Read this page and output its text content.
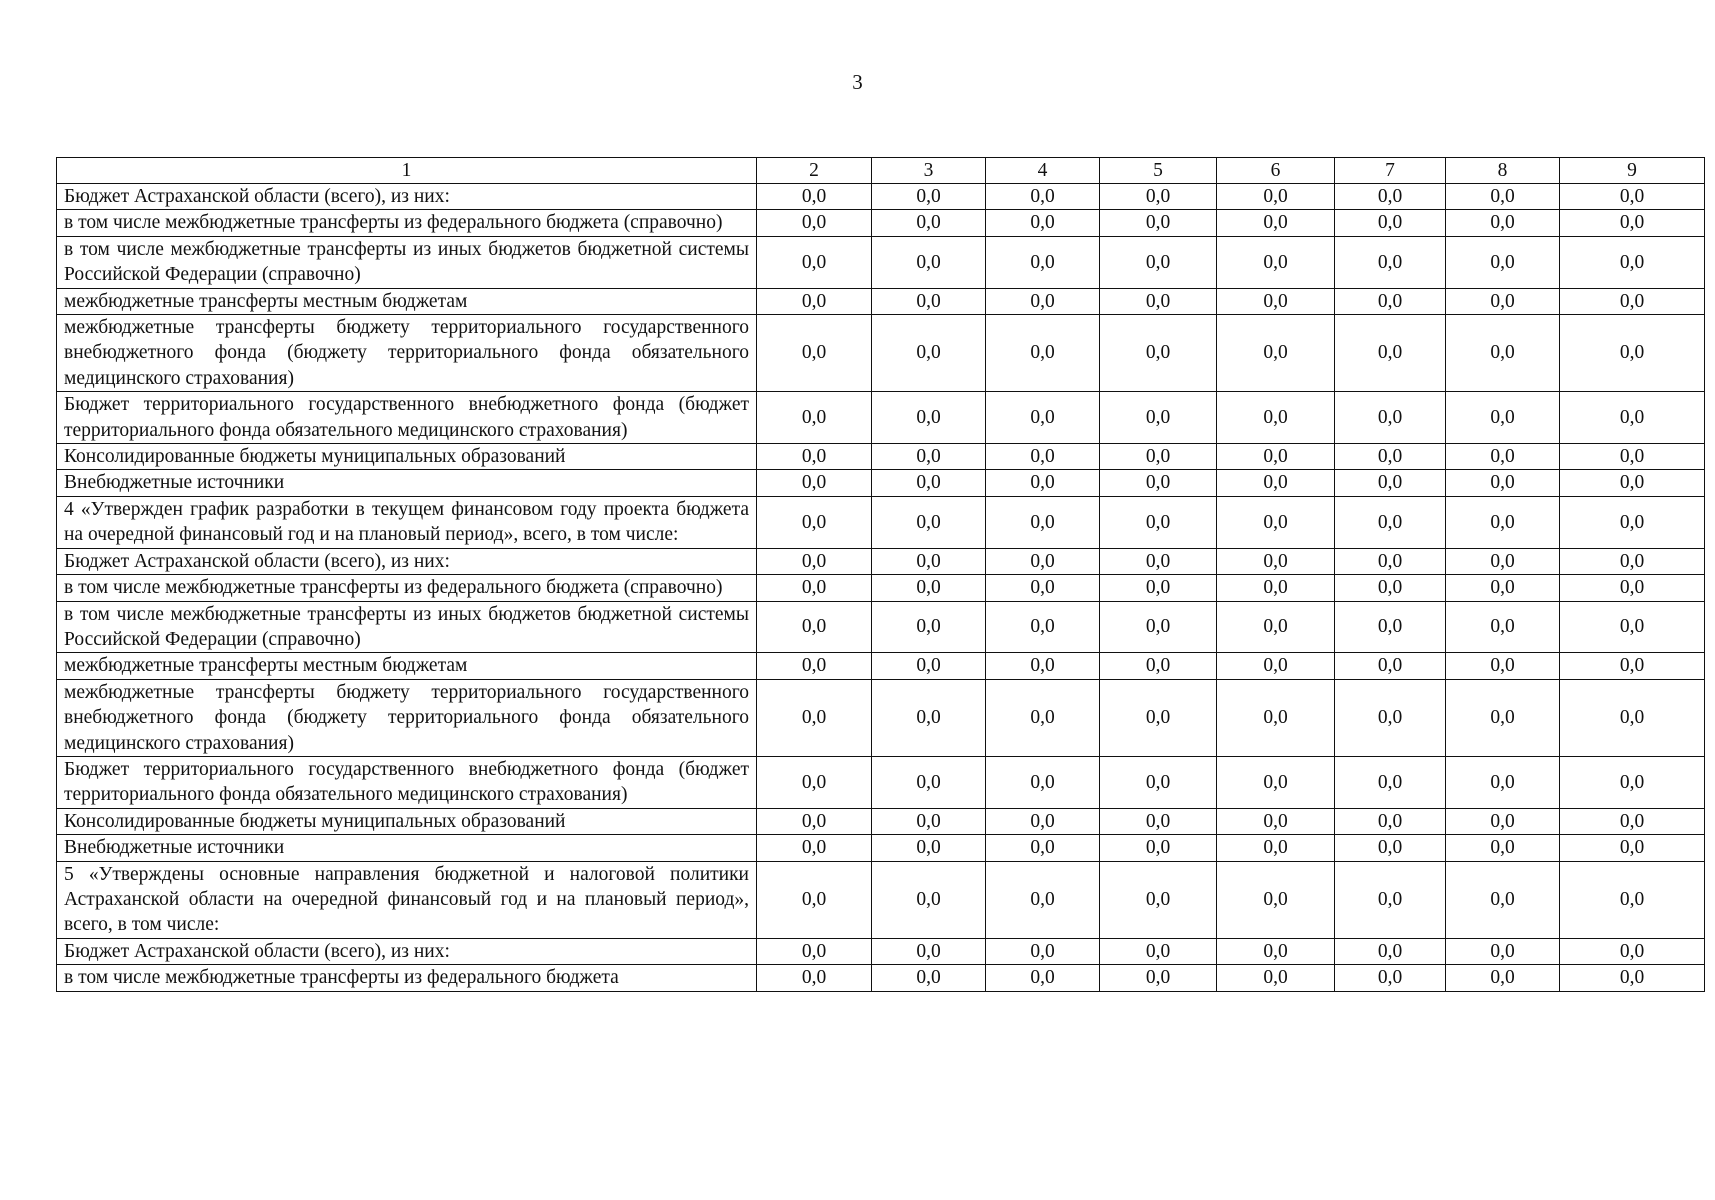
3
1	2	3	4	5	6	7	8	9
Бюджет Астраханской области (всего), из них:	0,0	0,0	0,0	0,0	0,0	0,0	0,0	0,0
в том числе межбюджетные трансферты из федерального бюджета (справочно)	0,0	0,0	0,0	0,0	0,0	0,0	0,0	0,0
в том числе межбюджетные трансферты из иных бюджетов бюджетной системы Российской Федерации (справочно)	0,0	0,0	0,0	0,0	0,0	0,0	0,0	0,0
межбюджетные трансферты местным бюджетам	0,0	0,0	0,0	0,0	0,0	0,0	0,0	0,0
межбюджетные трансферты бюджету территориального государственного внебюджетного фонда (бюджету территориального фонда обязательного медицинского страхования)	0,0	0,0	0,0	0,0	0,0	0,0	0,0	0,0
Бюджет территориального государственного внебюджетного фонда (бюджет территориального фонда обязательного медицинского страхования)	0,0	0,0	0,0	0,0	0,0	0,0	0,0	0,0
Консолидированные бюджеты муниципальных образований	0,0	0,0	0,0	0,0	0,0	0,0	0,0	0,0
Внебюджетные источники	0,0	0,0	0,0	0,0	0,0	0,0	0,0	0,0
4 «Утвержден график разработки в текущем финансовом году проекта бюджета на очередной финансовый год и на плановый период», всего, в том числе:	0,0	0,0	0,0	0,0	0,0	0,0	0,0	0,0
Бюджет Астраханской области (всего), из них:	0,0	0,0	0,0	0,0	0,0	0,0	0,0	0,0
в том числе межбюджетные трансферты из федерального бюджета (справочно)	0,0	0,0	0,0	0,0	0,0	0,0	0,0	0,0
в том числе межбюджетные трансферты из иных бюджетов бюджетной системы Российской Федерации (справочно)	0,0	0,0	0,0	0,0	0,0	0,0	0,0	0,0
межбюджетные трансферты местным бюджетам	0,0	0,0	0,0	0,0	0,0	0,0	0,0	0,0
межбюджетные трансферты бюджету территориального государственного внебюджетного фонда (бюджету территориального фонда обязательного медицинского страхования)	0,0	0,0	0,0	0,0	0,0	0,0	0,0	0,0
Бюджет территориального государственного внебюджетного фонда (бюджет территориального фонда обязательного медицинского страхования)	0,0	0,0	0,0	0,0	0,0	0,0	0,0	0,0
Консолидированные бюджеты муниципальных образований	0,0	0,0	0,0	0,0	0,0	0,0	0,0	0,0
Внебюджетные источники	0,0	0,0	0,0	0,0	0,0	0,0	0,0	0,0
5 «Утверждены основные направления бюджетной и налоговой политики Астраханской области на очередной финансовый год и на плановый период», всего, в том числе:	0,0	0,0	0,0	0,0	0,0	0,0	0,0	0,0
Бюджет Астраханской области (всего), из них:	0,0	0,0	0,0	0,0	0,0	0,0	0,0	0,0
в том числе межбюджетные трансферты из федерального бюджета	0,0	0,0	0,0	0,0	0,0	0,0	0,0	0,0
